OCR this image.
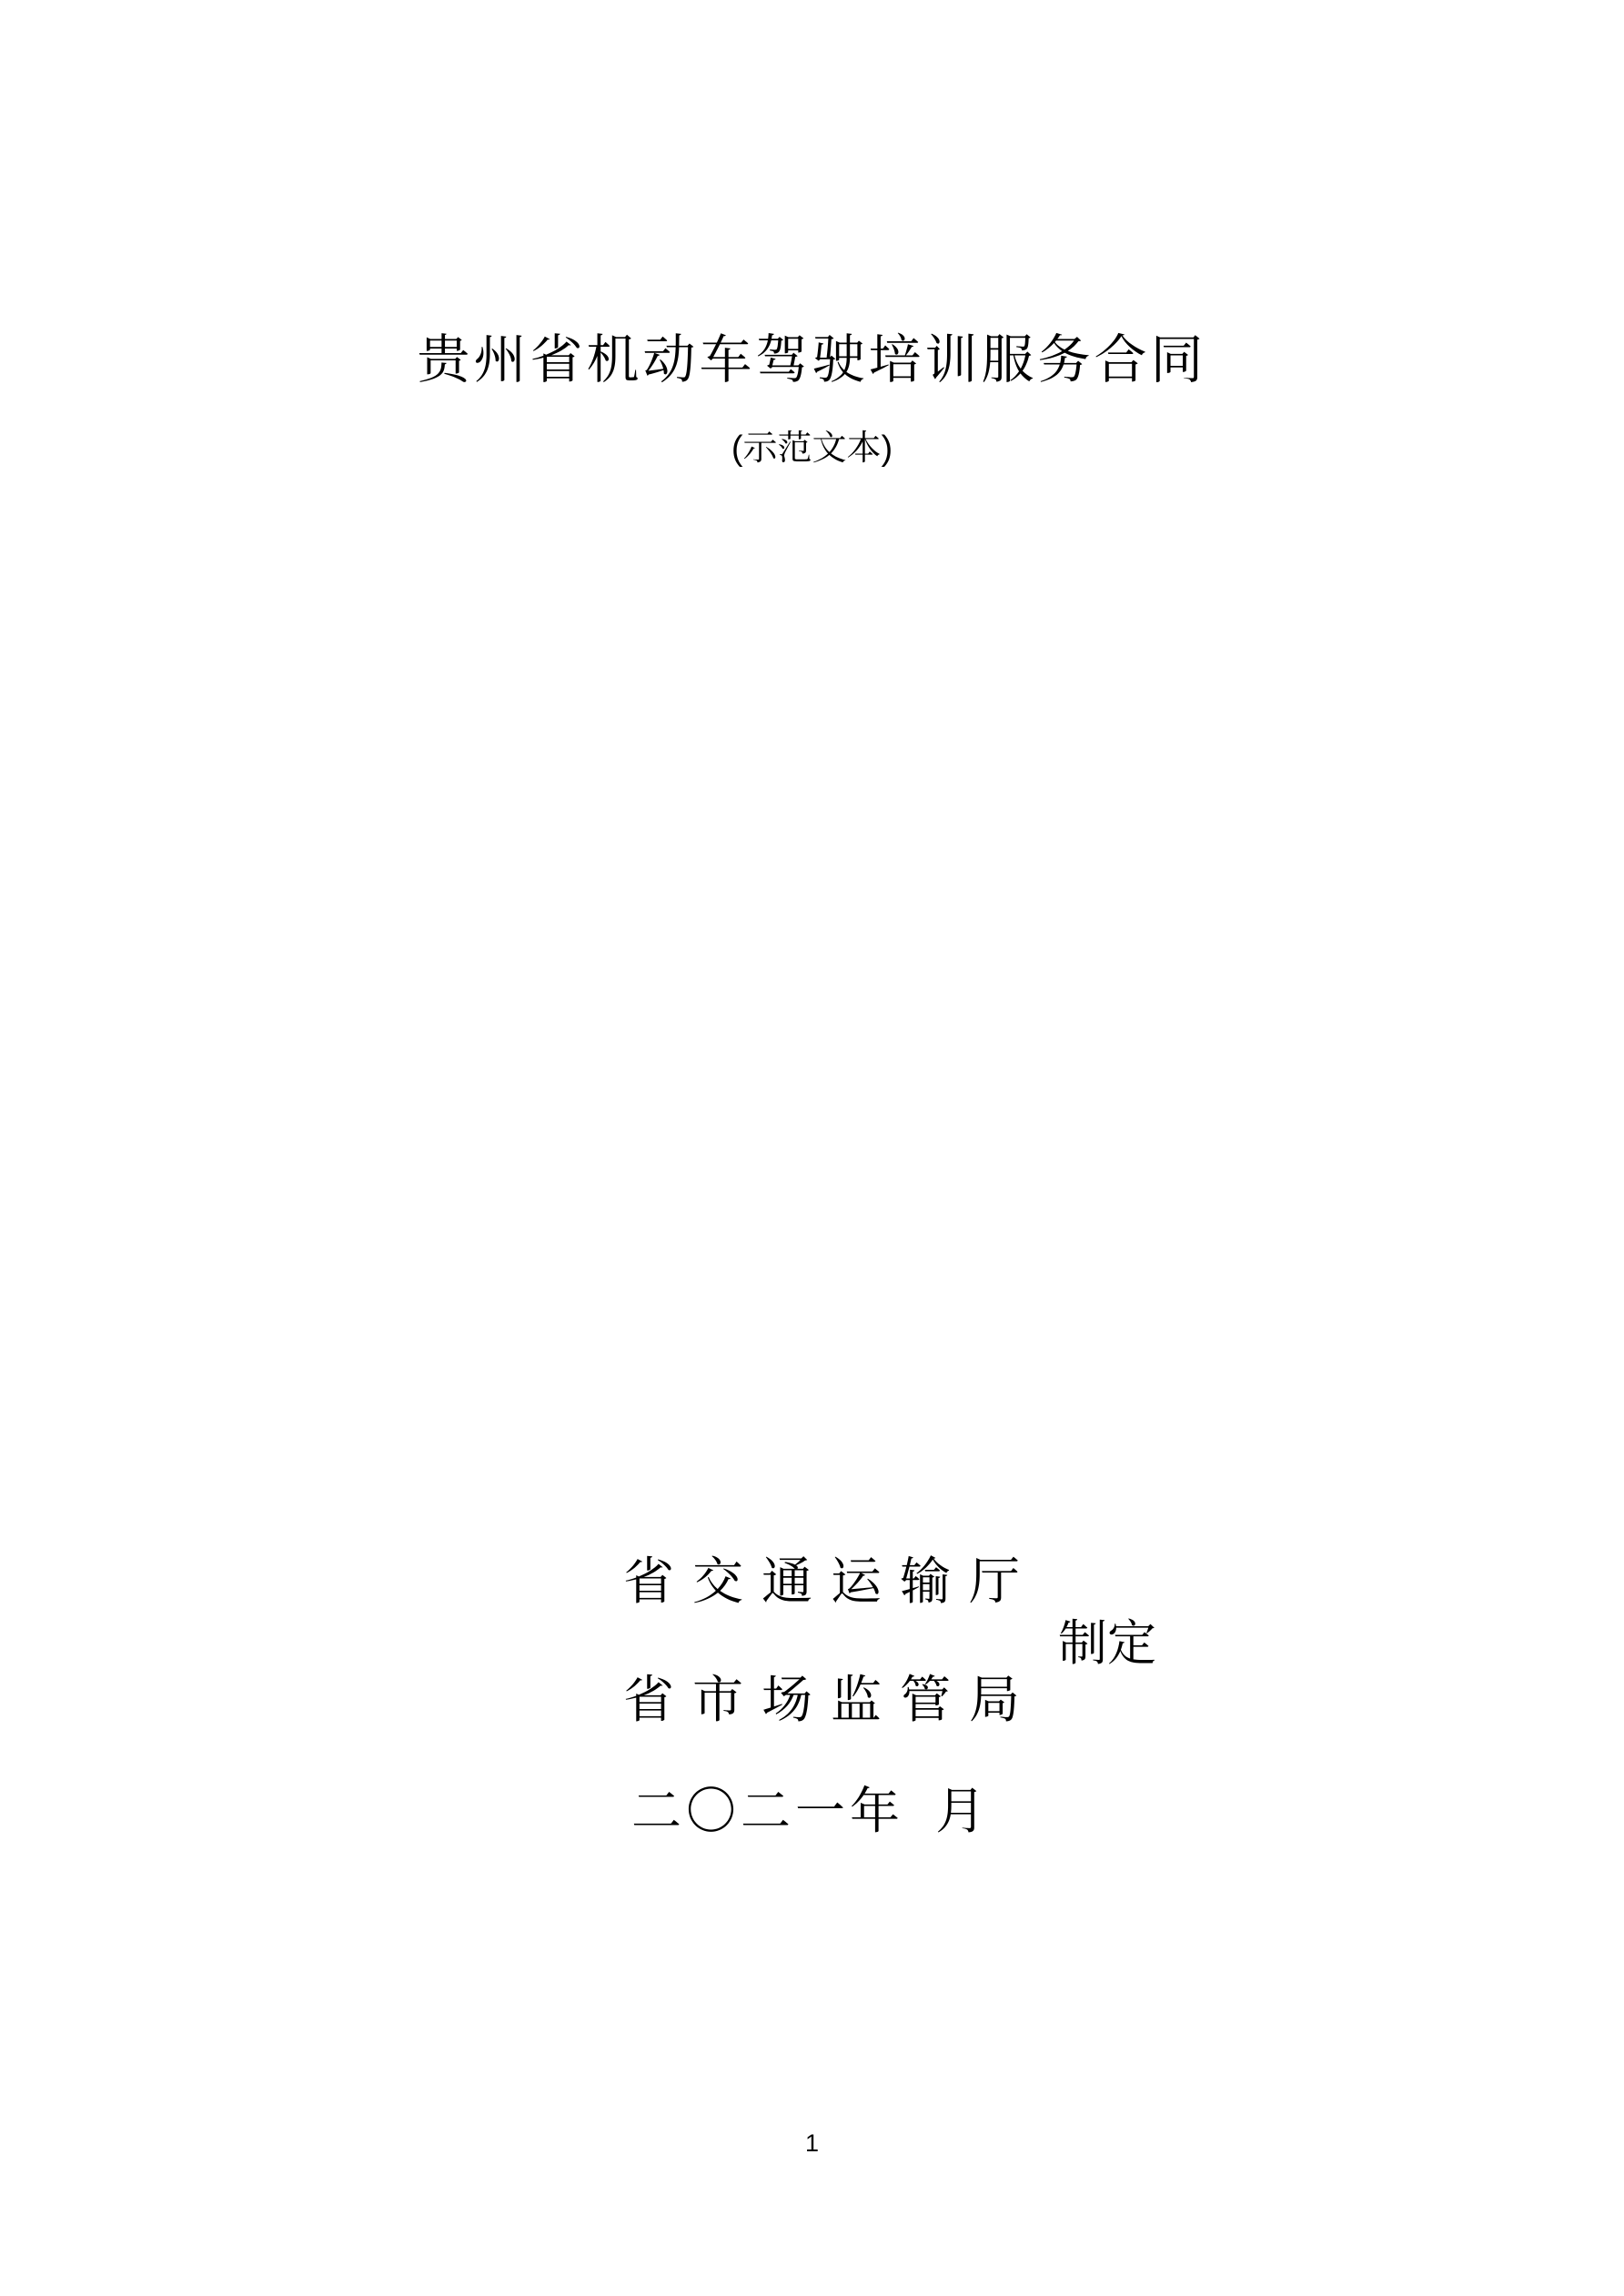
贵州省机动车驾驶培训服务合同
(示范文本)
省交通运输厅
制定
省市场监管局
二〇二一年 月
1
